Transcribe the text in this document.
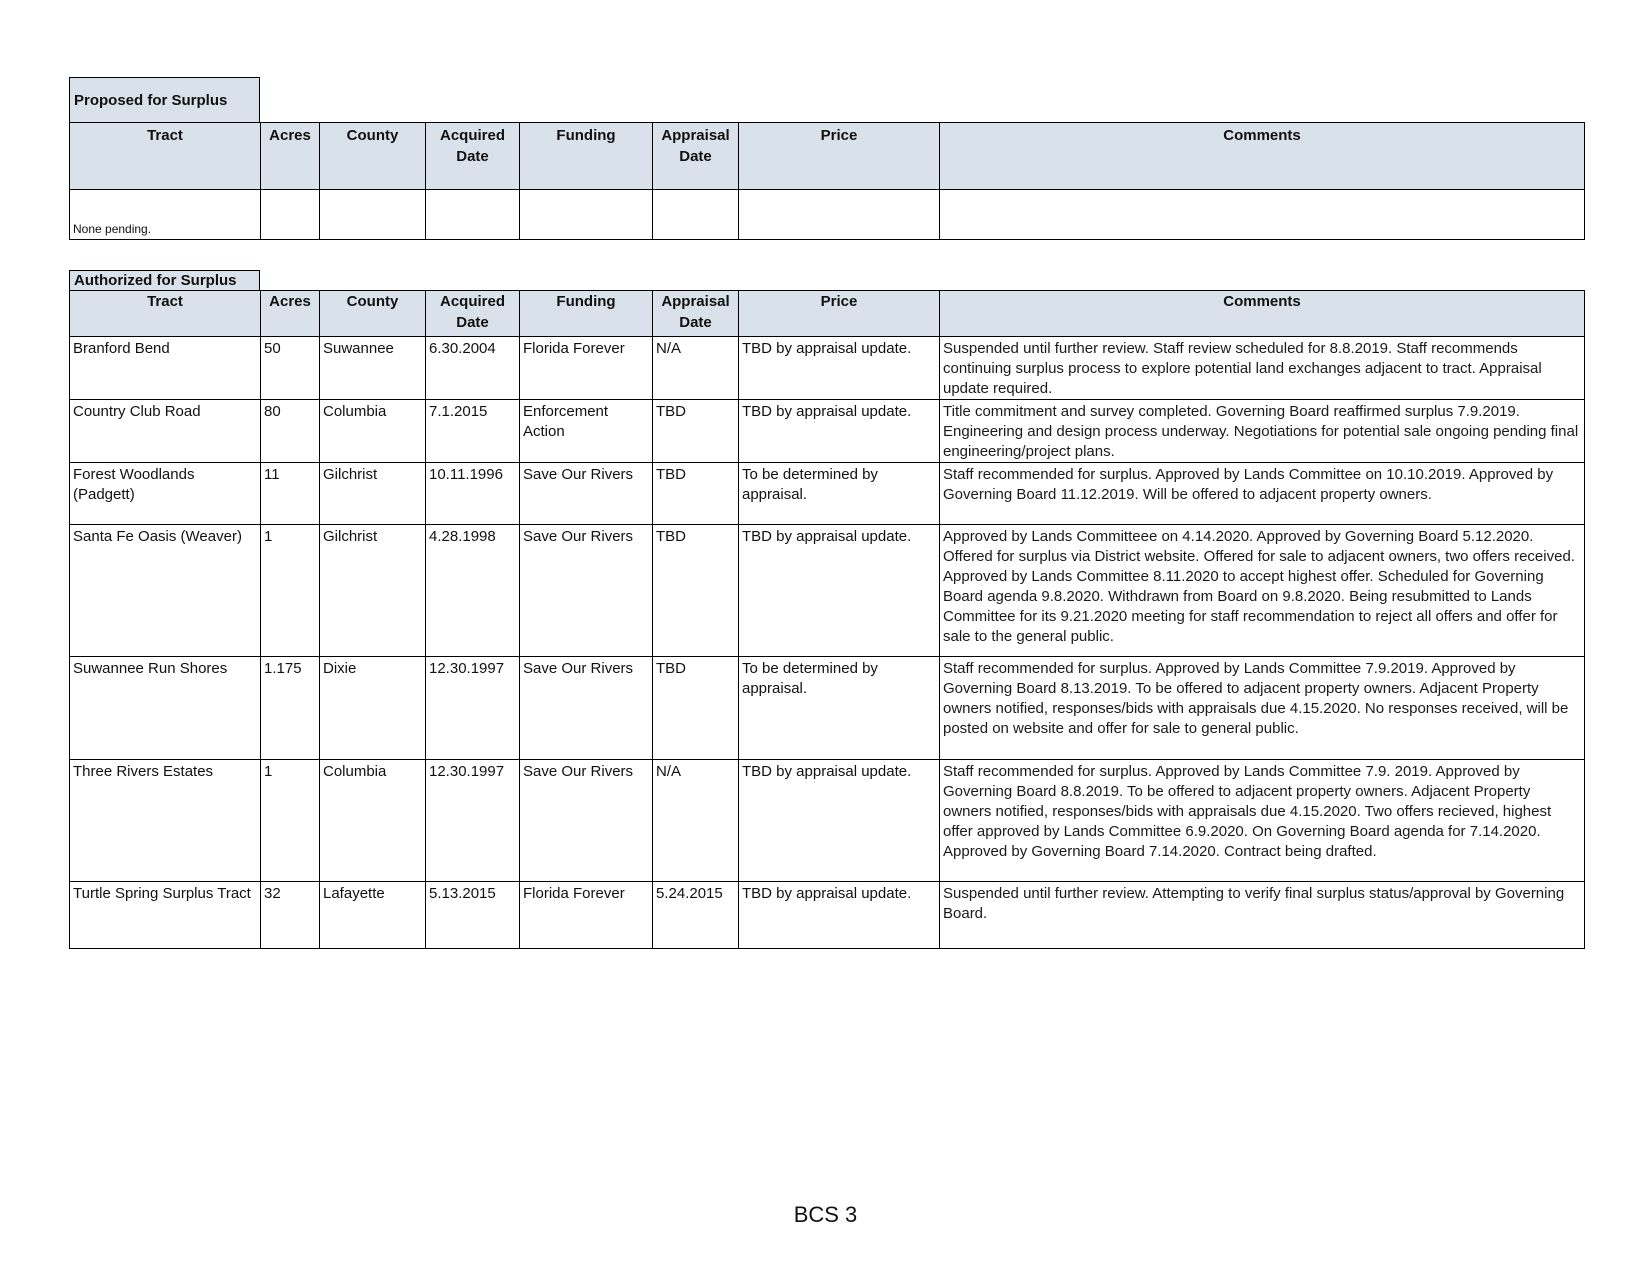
Proposed for Surplus
Tract	Acres	County	Acquired Date	Funding	Appraisal Date	Price	Comments
None pending.							
Authorized for Surplus
Tract	Acres	County	Acquired Date	Funding	Appraisal Date	Price	Comments
Branford Bend	50	Suwannee	6.30.2004	Florida Forever	N/A	TBD by appraisal update.	Suspended until further review. Staff review scheduled for 8.8.2019. Staff recommends continuing surplus process to explore potential land exchanges adjacent to tract. Appraisal update required.
Country Club Road	80	Columbia	7.1.2015	Enforcement Action	TBD	TBD by appraisal update.	Title commitment and survey completed. Governing Board reaffirmed surplus 7.9.2019. Engineering and design process underway. Negotiations for potential sale ongoing pending final engineering/project plans.
Forest Woodlands (Padgett)	11	Gilchrist	10.11.1996	Save Our Rivers	TBD	To be determined by appraisal.	Staff recommended for surplus. Approved by Lands Committee on 10.10.2019. Approved by Governing Board 11.12.2019. Will be offered to adjacent property owners.
Santa Fe Oasis (Weaver)	1	Gilchrist	4.28.1998	Save Our Rivers	TBD	TBD by appraisal update.	Approved by Lands Committeee on 4.14.2020. Approved by Governing Board 5.12.2020. Offered for surplus via District website. Offered for sale to adjacent owners, two offers received. Approved by Lands Committee 8.11.2020 to accept highest offer. Scheduled for Governing Board agenda 9.8.2020. Withdrawn from Board on 9.8.2020. Being resubmitted to Lands Committee for its 9.21.2020 meeting for staff recommendation to reject all offers and offer for sale to the general public.
Suwannee Run Shores	1.175	Dixie	12.30.1997	Save Our Rivers	TBD	To be determined by appraisal.	Staff recommended for surplus. Approved by Lands Committee 7.9.2019. Approved by Governing Board 8.13.2019. To be offered to adjacent property owners. Adjacent Property owners notified, responses/bids with appraisals due 4.15.2020. No responses received, will be posted on website and offer for sale to general public.
Three Rivers Estates	1	Columbia	12.30.1997	Save Our Rivers	N/A	TBD by appraisal update.	Staff recommended for surplus. Approved by Lands Committee 7.9. 2019. Approved by Governing Board 8.8.2019. To be offered to adjacent property owners. Adjacent Property owners notified, responses/bids with appraisals due 4.15.2020. Two offers recieved, highest offer approved by Lands Committee 6.9.2020. On Governing Board agenda for 7.14.2020. Approved by Governing Board 7.14.2020. Contract being drafted.
Turtle Spring Surplus Tract	32	Lafayette	5.13.2015	Florida Forever	5.24.2015	TBD by appraisal update.	Suspended until further review. Attempting to verify final surplus status/approval by Governing Board.
BCS 3
